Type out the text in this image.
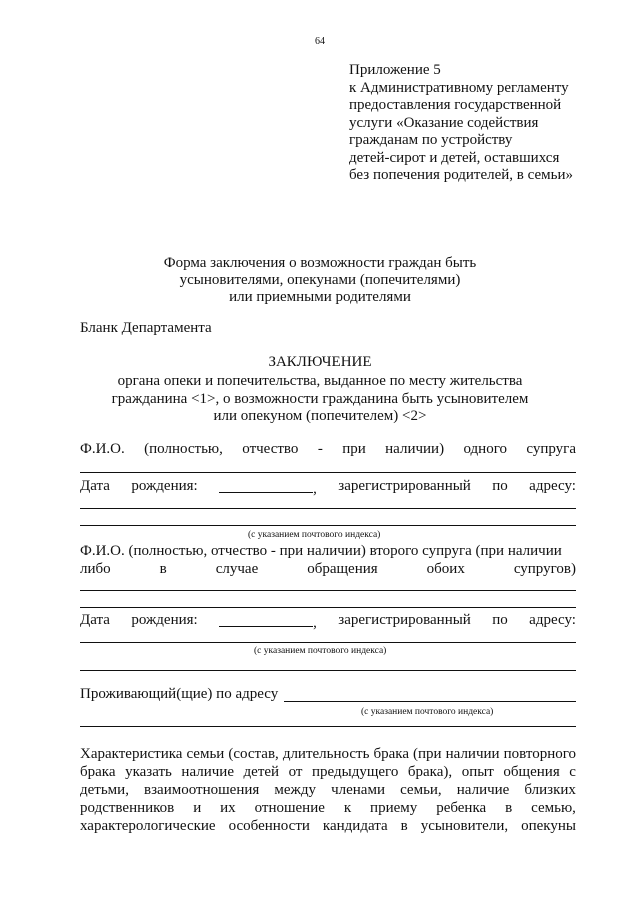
64
Приложение 5
к Административному регламенту
предоставления государственной
услуги «Оказание содействия
гражданам по устройству
детей-сирот и детей, оставшихся
без попечения родителей, в семьи»
Форма заключения о возможности граждан быть
усыновителями, опекунами (попечителями)
или приемными родителями
Бланк Департамента
ЗАКЛЮЧЕНИЕ
органа опеки и попечительства, выданное по месту жительства
гражданина <1>, о возможности гражданина быть усыновителем
или опекуном (попечителем) <2>
Ф.И.О. (полностью, отчество - при наличии) одного супруга
Дата рождения:	, зарегистрированный по адресу:
(с указанием почтового индекса)
Ф.И.О. (полностью, отчество - при наличии) второго супруга (при наличии
либо	в	случае	обращения	обоих	супругов)
Дата рождения:	, зарегистрированный по адресу:
(с указанием почтового индекса)
Проживающий(щие) по адресу
(с указанием почтового индекса)
Характеристика семьи (состав, длительность брака (при наличии повторного
брака указать наличие детей от предыдущего брака), опыт общения с
детьми, взаимоотношения между членами семьи, наличие близких
родственников и их отношение к приему ребенка в семью,
характерологические особенности кандидата в усыновители, опекуны
